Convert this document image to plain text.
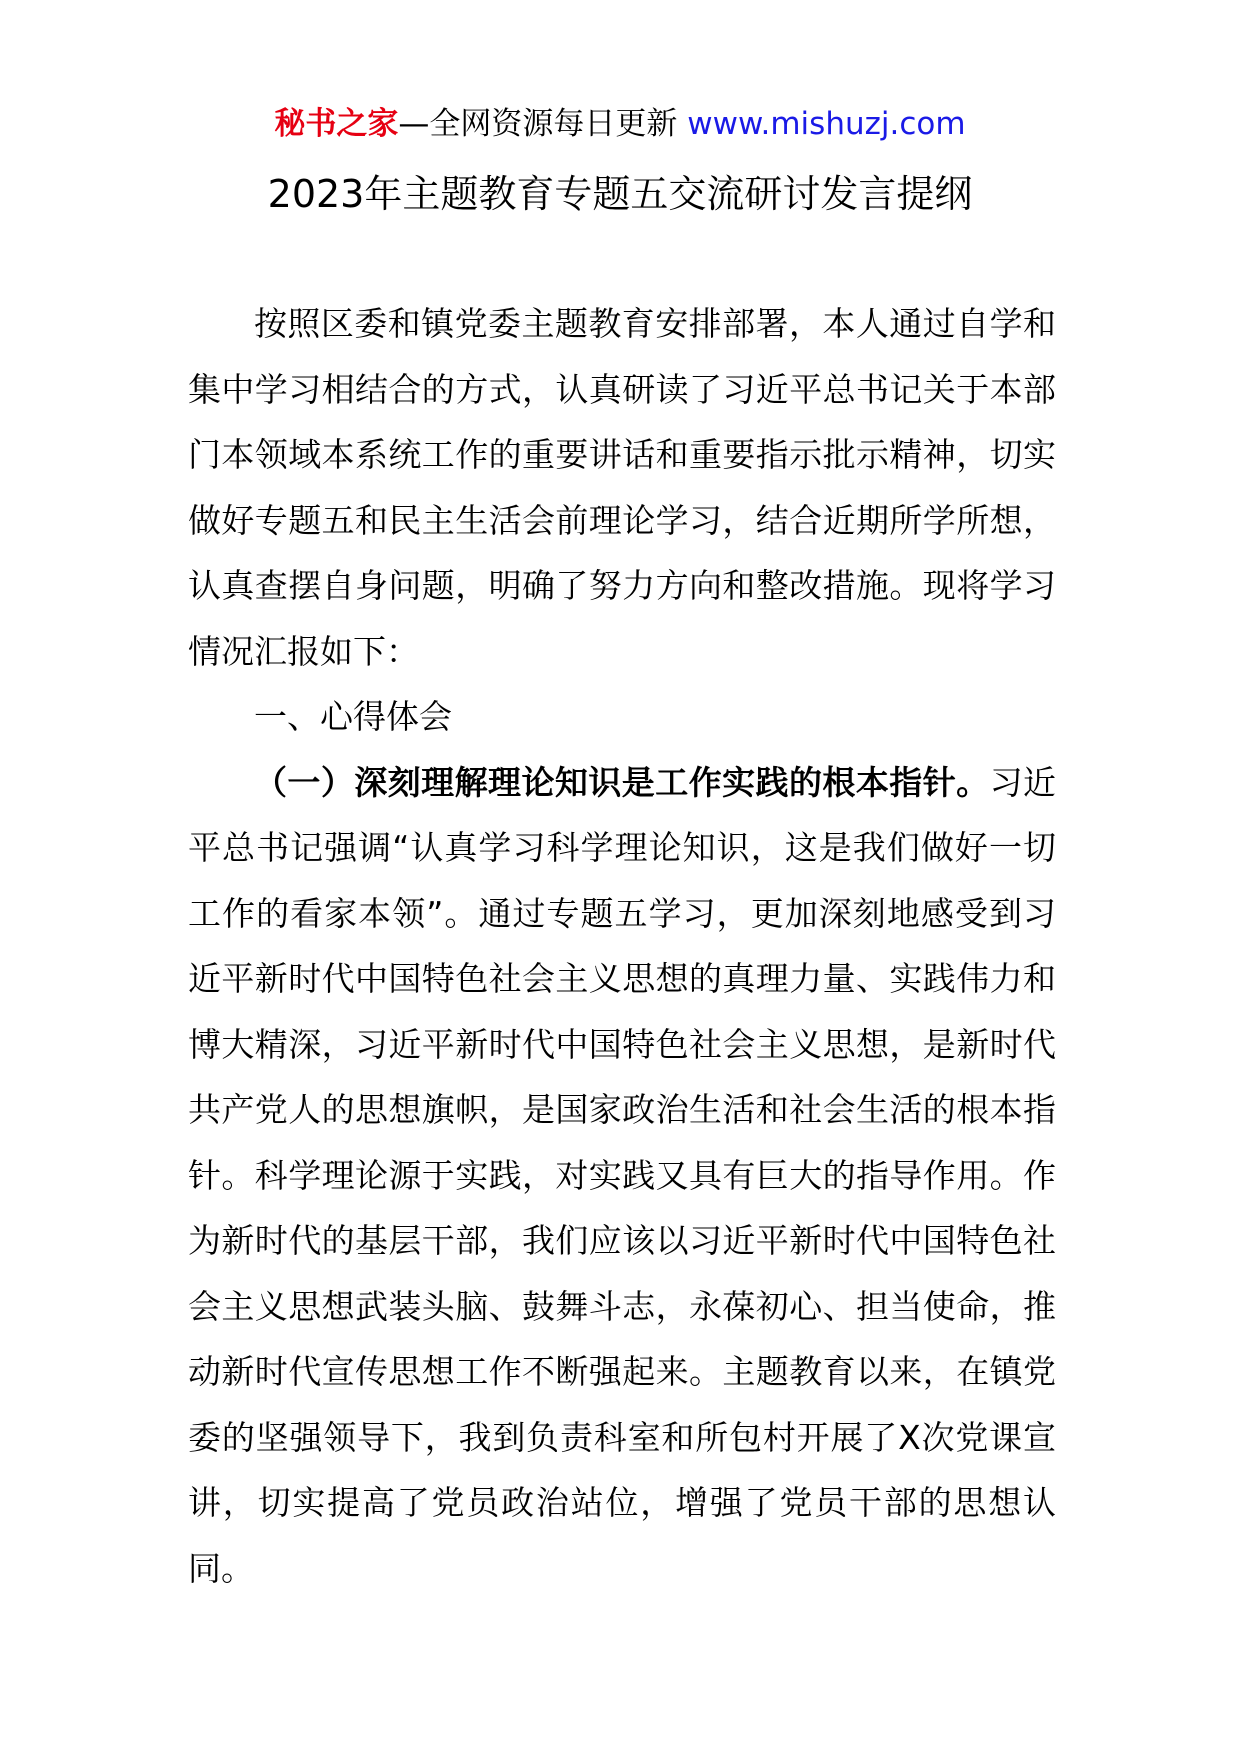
秘书之家—全网资源每日更新 www.mishuzj.com
2023年主题教育专题五交流研讨发言提纲

按照区委和镇党委主题教育安排部署，本人通过自学和集中学习相结合的方式，认真研读了习近平总书记关于本部门本领域本系统工作的重要讲话和重要指示批示精神，切实做好专题五和民主生活会前理论学习，结合近期所学所想，认真查摆自身问题，明确了努力方向和整改措施。现将学习情况汇报如下：

一、心得体会

（一）深刻理解理论知识是工作实践的根本指针。习近平总书记强调“认真学习科学理论知识，这是我们做好一切工作的看家本领”。通过专题五学习，更加深刻地感受到习近平新时代中国特色社会主义思想的真理力量、实践伟力和博大精深，习近平新时代中国特色社会主义思想，是新时代共产党人的思想旗帜，是国家政治生活和社会生活的根本指针。科学理论源于实践，对实践又具有巨大的指导作用。作为新时代的基层干部，我们应该以习近平新时代中国特色社会主义思想武装头脑、鼓舞斗志，永葆初心、担当使命，推动新时代宣传思想工作不断强起来。主题教育以来，在镇党委的坚强领导下，我到负责科室和所包村开展了X次党课宣讲，切实提高了党员政治站位，增强了党员干部的思想认同。
